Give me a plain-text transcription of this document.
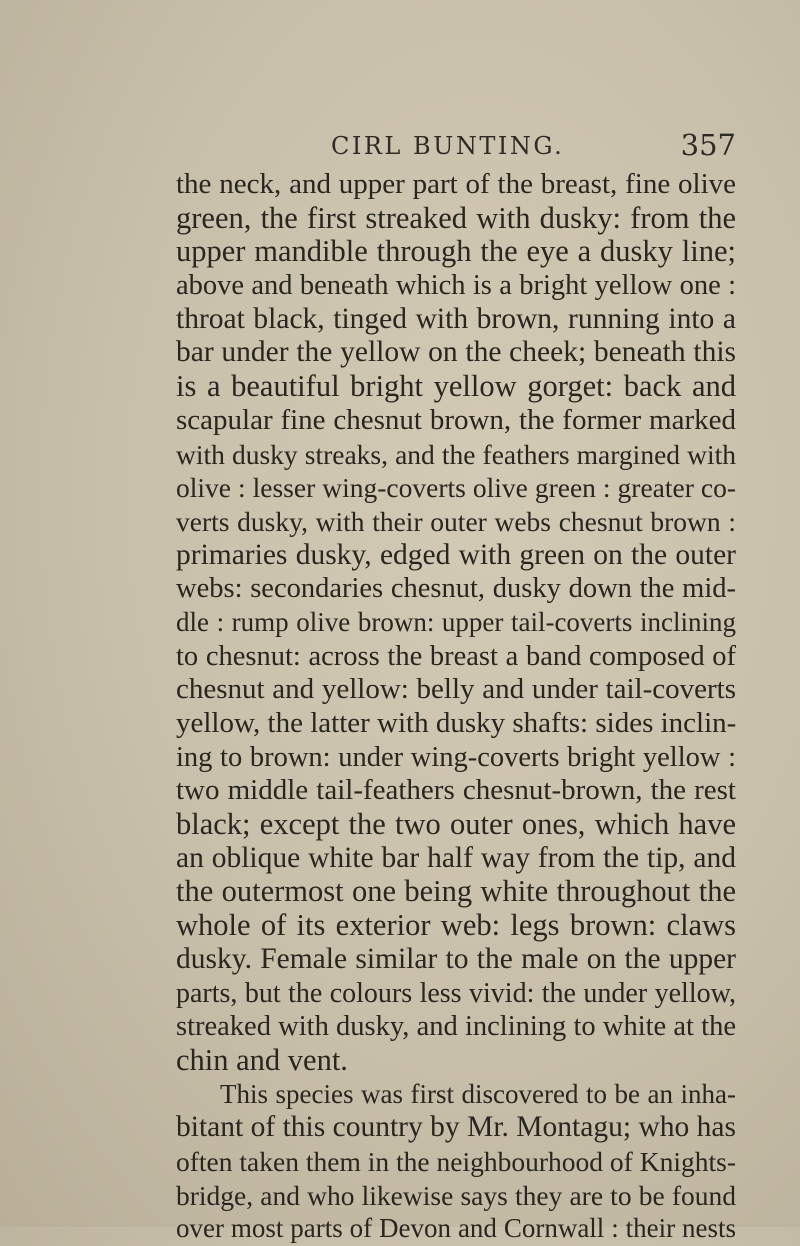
CIRL BUNTING.	357
the neck, and upper part of the breast, fine olive
green, the first streaked with dusky: from the
upper mandible through the eye a dusky line;
above and beneath which is a bright yellow one :
throat black, tinged with brown, running into a
bar under the yellow on the cheek; beneath this
is a beautiful bright yellow gorget: back and
scapular fine chesnut brown, the former marked
with dusky streaks, and the feathers margined with
olive : lesser wing-coverts olive green : greater co-
verts dusky, with their outer webs chesnut brown :
primaries dusky, edged with green on the outer
webs: secondaries chesnut, dusky down the mid-
dle : rump olive brown: upper tail-coverts inclining
to chesnut: across the breast a band composed of
chesnut and yellow: belly and under tail-coverts
yellow, the latter with dusky shafts: sides inclin-
ing to brown: under wing-coverts bright yellow :
two middle tail-feathers chesnut-brown, the rest
black; except the two outer ones, which have
an oblique white bar half way from the tip, and
the outermost one being white throughout the
whole of its exterior web: legs brown: claws
dusky. Female similar to the male on the upper
parts, but the colours less vivid: the under yellow,
streaked with dusky, and inclining to white at the
chin and vent.
This species was first discovered to be an inha-
bitant of this country by Mr. Montagu; who has
often taken them in the neighbourhood of Knights-
bridge, and who likewise says they are to be found
over most parts of Devon and Cornwall : their nests
